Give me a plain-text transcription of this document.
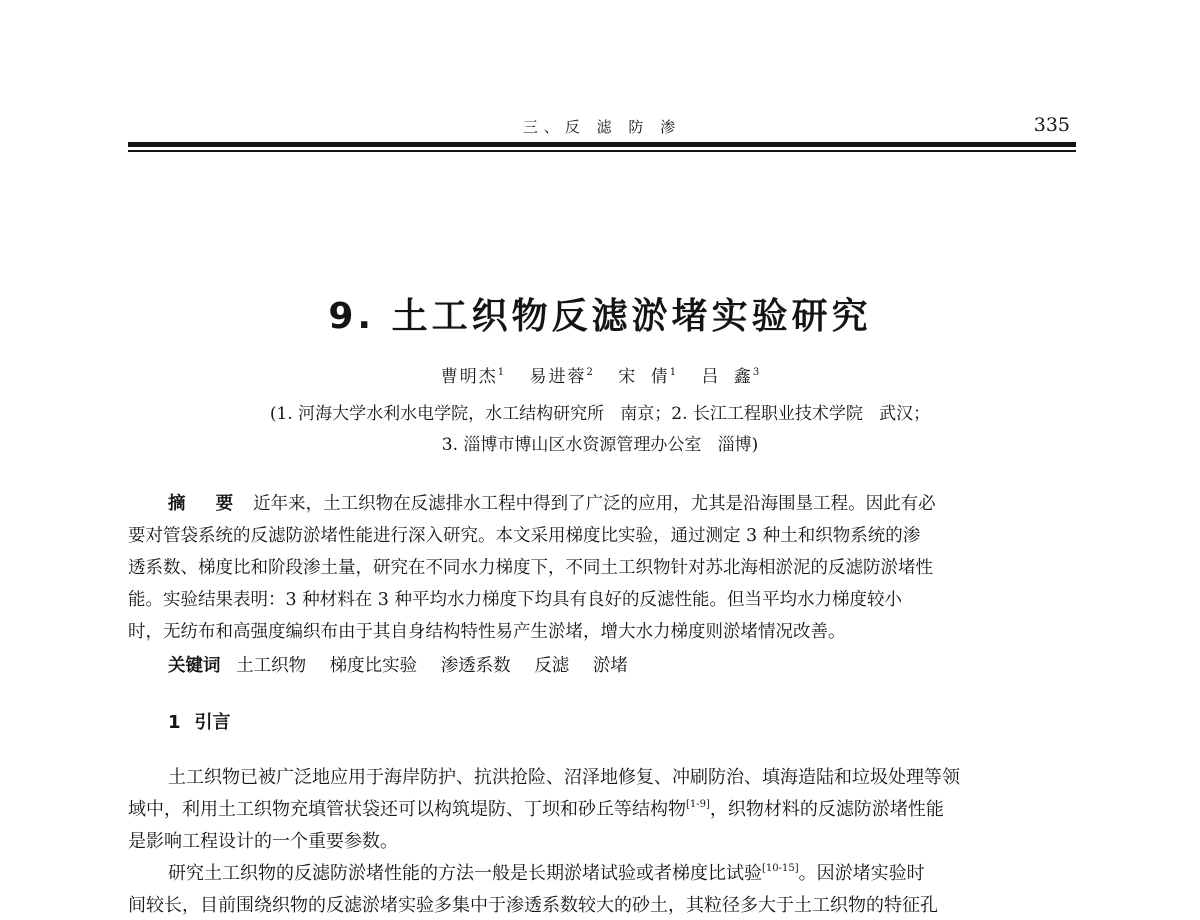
三、反 滤 防 渗	335
9. 土工织物反滤淤堵实验研究
曹明杰$^1$ 易进蓉$^2$ 宋 倩$^1$ 吕 鑫$^3$
(1. 河海大学水利水电学院，水工结构研究所   南京；2. 长江工程职业技术学院   武汉；
3. 淄博市博山区水资源管理办公室   淄博)
摘 要 近年来，土工织物在反滤排水工程中得到了广泛的应用，尤其是沿海围垦工程。因此有必
要对管袋系统的反滤防淤堵性能进行深入研究。本文采用梯度比实验，通过测定 3 种土和织物系统的渗
透系数、梯度比和阶段渗土量，研究在不同水力梯度下，不同土工织物针对苏北海相淤泥的反滤防淤堵性
能。实验结果表明：3 种材料在 3 种平均水力梯度下均具有良好的反滤性能。但当平均水力梯度较小
时，无纺布和高强度编织布由于其自身结构特性易产生淤堵，增大水力梯度则淤堵情况改善。
关键词 土工织物 梯度比实验 渗透系数 反滤 淤堵
1 引言
土工织物已被广泛地应用于海岸防护、抗洪抢险、沼泽地修复、冲刷防治、填海造陆和垃圾处理等领
域中，利用土工织物充填管状袋还可以构筑堤防、丁坝和砂丘等结构物[1-9]，织物材料的反滤防淤堵性能
是影响工程设计的一个重要参数。
研究土工织物的反滤防淤堵性能的方法一般是长期淤堵试验或者梯度比试验[10-15]。因淤堵实验时
间较长，目前围绕织物的反滤淤堵实验多集中于渗透系数较大的砂土，其粒径多大于土工织物的特征孔
